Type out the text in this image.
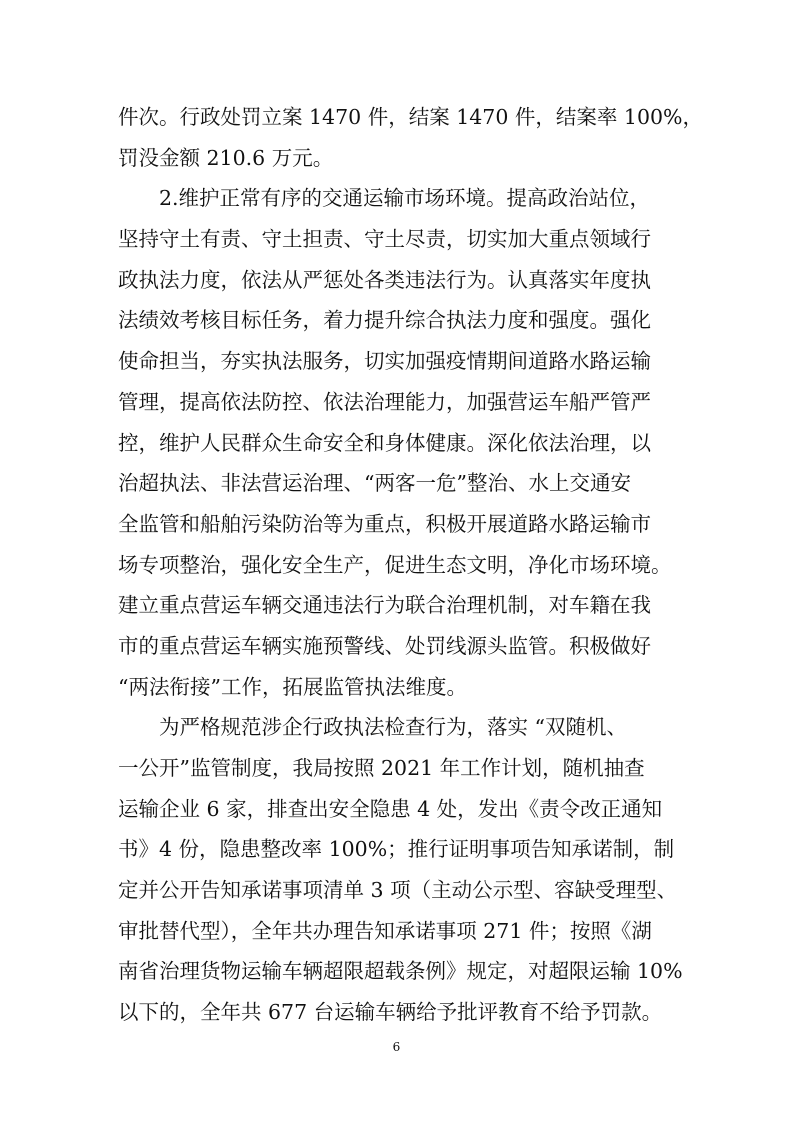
件次。行政处罚立案 1470 件，结案 1470 件，结案率 100%，
罚没金额 210.6 万元。
　　2.维护正常有序的交通运输市场环境。提高政治站位，
坚持守土有责、守土担责、守土尽责，切实加大重点领域行
政执法力度，依法从严惩处各类违法行为。认真落实年度执
法绩效考核目标任务，着力提升综合执法力度和强度。强化
使命担当，夯实执法服务，切实加强疫情期间道路水路运输
管理，提高依法防控、依法治理能力，加强营运车船严管严
控，维护人民群众生命安全和身体健康。深化依法治理，以
治超执法、非法营运治理、“两客一危”整治、水上交通安
全监管和船舶污染防治等为重点，积极开展道路水路运输市
场专项整治，强化安全生产，促进生态文明，净化市场环境。
建立重点营运车辆交通违法行为联合治理机制，对车籍在我
市的重点营运车辆实施预警线、处罚线源头监管。积极做好
“两法衔接”工作，拓展监管执法维度。
　　为严格规范涉企行政执法检查行为，落实 “双随机、
一公开”监管制度，我局按照 2021 年工作计划，随机抽查
运输企业 6 家，排查出安全隐患 4 处，发出《责令改正通知
书》4 份，隐患整改率 100%；推行证明事项告知承诺制，制
定并公开告知承诺事项清单 3 项（主动公示型、容缺受理型、
审批替代型），全年共办理告知承诺事项 271 件；按照《湖
南省治理货物运输车辆超限超载条例》规定，对超限运输 10%
以下的，全年共 677 台运输车辆给予批评教育不给予罚款。
6
